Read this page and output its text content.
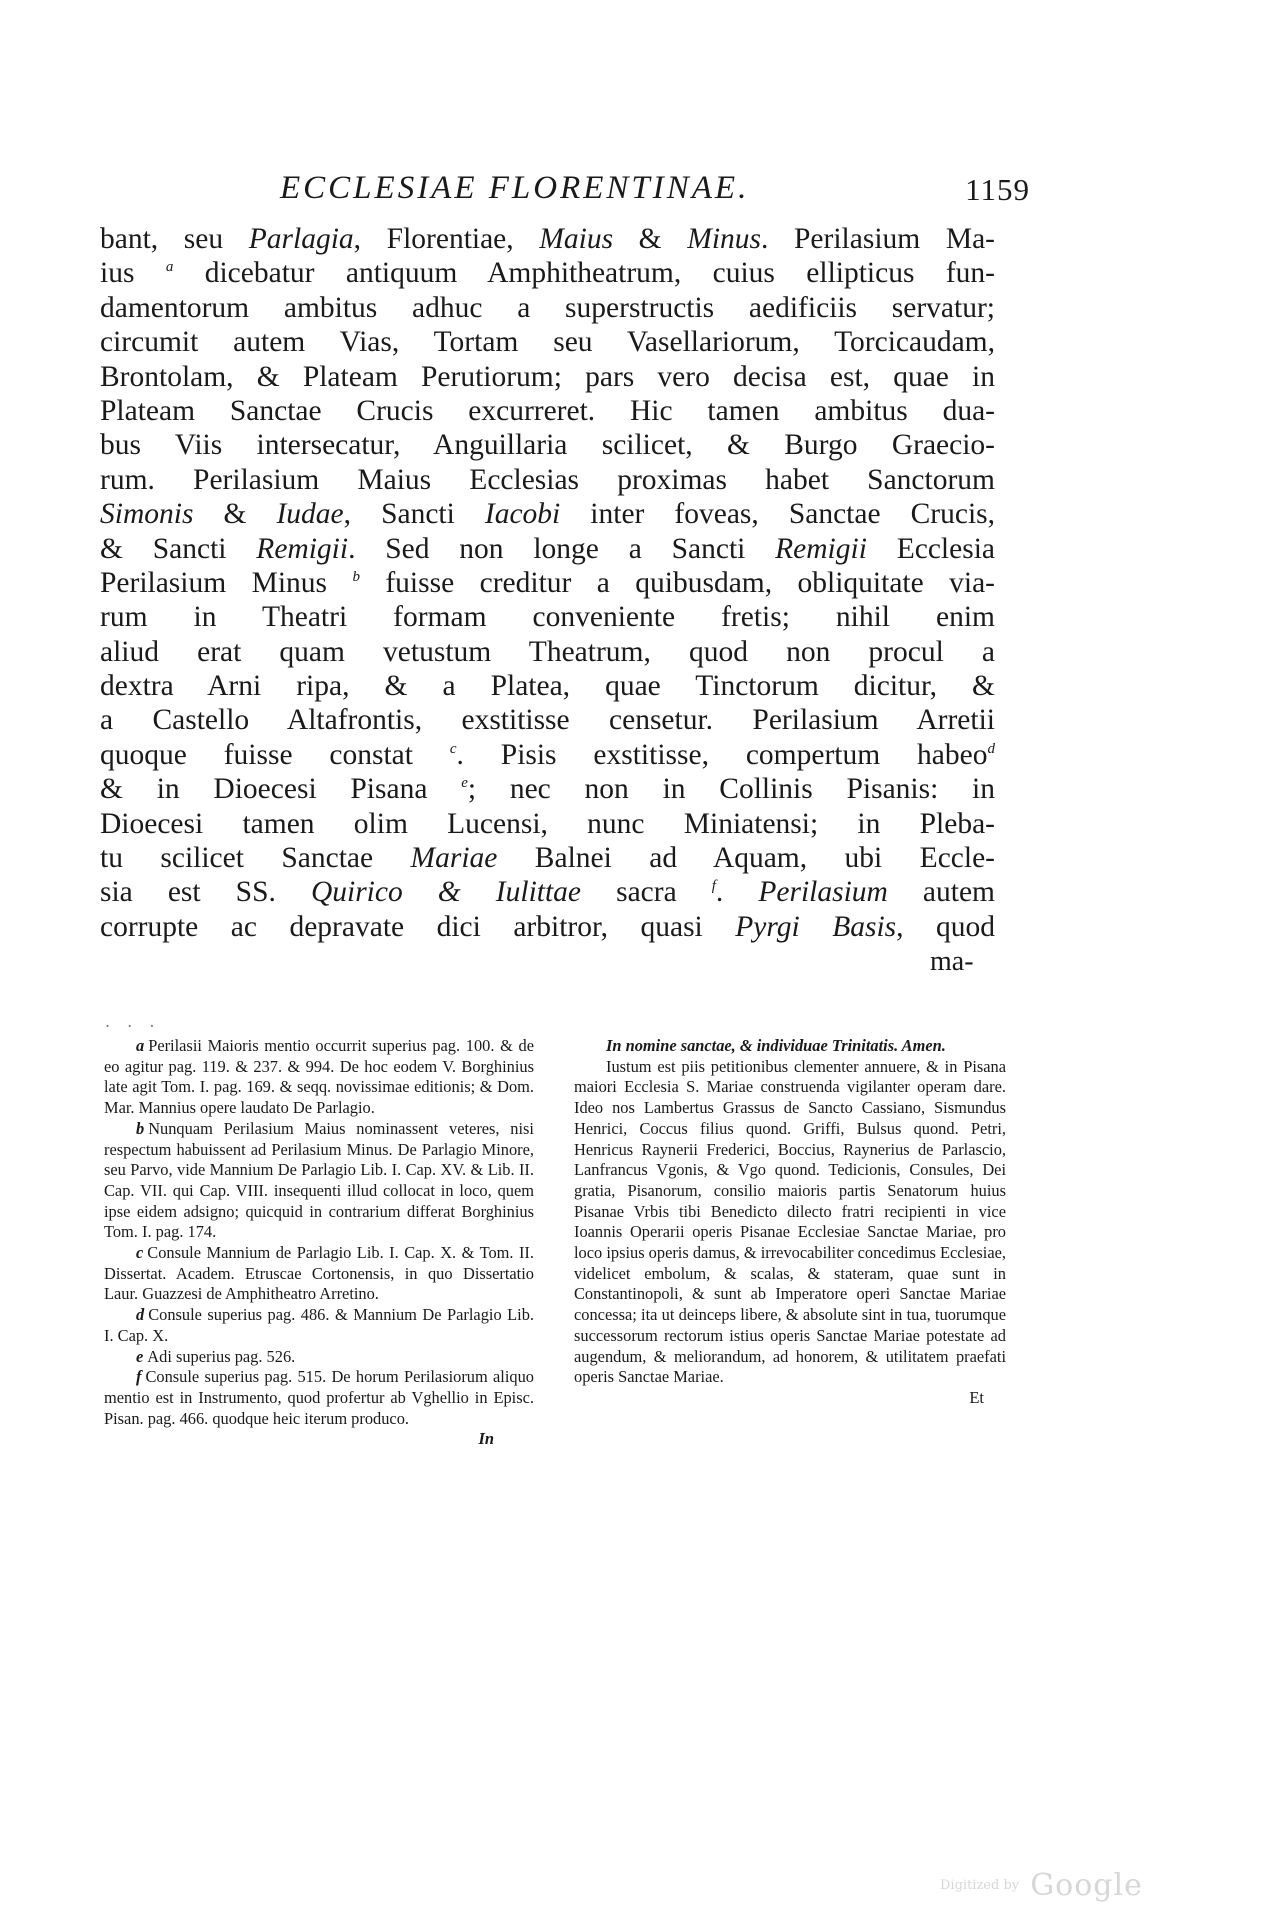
ECCLESIAE FLORENTINAE.	1159
bant, seu Parlagia, Florentiae, Maius & Minus. Perilasium Ma-
ius $^a$ dicebatur antiquum Amphitheatrum, cuius ellipticus fun-
damentorum ambitus adhuc a superstructis aedificiis servatur;
circumit autem Vias, Tortam seu Vasellariorum, Torcicaudam,
Brontolam, & Plateam Perutiorum; pars vero decisa est, quae in
Plateam Sanctae Crucis excurreret. Hic tamen ambitus dua-
bus Viis intersecatur, Anguillaria scilicet, & Burgo Graecio-
rum. Perilasium Maius Ecclesias proximas habet Sanctorum
Simonis & Iudae, Sancti Iacobi inter foveas, Sanctae Crucis,
& Sancti Remigii. Sed non longe a Sancti Remigii Ecclesia
Perilasium Minus $^b$ fuisse creditur a quibusdam, obliquitate via-
rum in Theatri formam conveniente fretis; nihil enim
aliud erat quam vetustum Theatrum, quod non procul a
dextra Arni ripa, & a Platea, quae Tinctorum dicitur, &
a Castello Altafrontis, exstitisse censetur. Perilasium Arretii
quoque fuisse constat $^c$. Pisis exstitisse, compertum habeo$^d$
& in Dioecesi Pisana $^e$; nec non in Collinis Pisanis: in
Dioecesi tamen olim Lucensi, nunc Miniatensi; in Pleba-
tu scilicet Sanctae Mariae Balnei ad Aquam, ubi Eccle-
sia est SS. Quirico & Iulittae sacra $^f$. Perilasium autem
corrupte ac depravate dici arbitror, quasi Pyrgi Basis, quod
ma-
. . .
a Perilasii Maioris mentio occurrit superius pag. 100. & de eo agitur pag. 119. & 237. & 994. De hoc eodem V. Borghinius late agit Tom. I. pag. 169. & seqq. novissimae editionis; & Dom. Mar. Mannius opere laudato De Parlagio.
b Nunquam Perilasium Maius nominassent veteres, nisi respectum habuissent ad Perilasium Minus. De Parlagio Minore, seu Parvo, vide Mannium De Parlagio Lib. I. Cap. XV. & Lib. II. Cap. VII. qui Cap. VIII. insequenti illud collocat in loco, quem ipse eidem adsigno; quicquid in contrarium differat Borghinius Tom. I. pag. 174.
c Consule Mannium de Parlagio Lib. I. Cap. X. & Tom. II. Dissertat. Academ. Etruscae Cortonensis, in quo Dissertatio Laur. Guazzesi de Amphitheatro Arretino.
d Consule superius pag. 486. & Mannium De Parlagio Lib. I. Cap. X.
e Adi superius pag. 526.
f Consule superius pag. 515. De horum Perilasiorum aliquo mentio est in Instrumento, quod profertur ab Vghellio in Episc. Pisan. pag. 466. quodque heic iterum produco.
In
In nomine sanctae, & individuae Trinitatis. Amen.
Iustum est piis petitionibus clementer annuere, & in Pisana maiori Ecclesia S. Mariae construenda vigilanter operam dare. Ideo nos Lambertus Grassus de Sancto Cassiano, Sismundus Henrici, Coccus filius quond. Griffi, Bulsus quond. Petri, Henricus Raynerii Frederici, Boccius, Raynerius de Parlascio, Lanfrancus Vgonis, & Vgo quond. Tedicionis, Consules, Dei gratia, Pisanorum, consilio maioris partis Senatorum huius Pisanae Vrbis tibi Benedicto dilecto fratri recipienti in vice Ioannis Operarii operis Pisanae Ecclesiae Sanctae Mariae, pro loco ipsius operis damus, & irrevocabiliter concedimus Ecclesiae, videlicet embolum, & scalas, & stateram, quae sunt in Constantinopoli, & sunt ab Imperatore operi Sanctae Mariae concessa; ita ut deinceps libere, & absolute sint in tua, tuorumque successorum rectorum istius operis Sanctae Mariae potestate ad augendum, & meliorandum, ad honorem, & utilitatem praefati operis Sanctae Mariae.
Et
Digitized by Google
